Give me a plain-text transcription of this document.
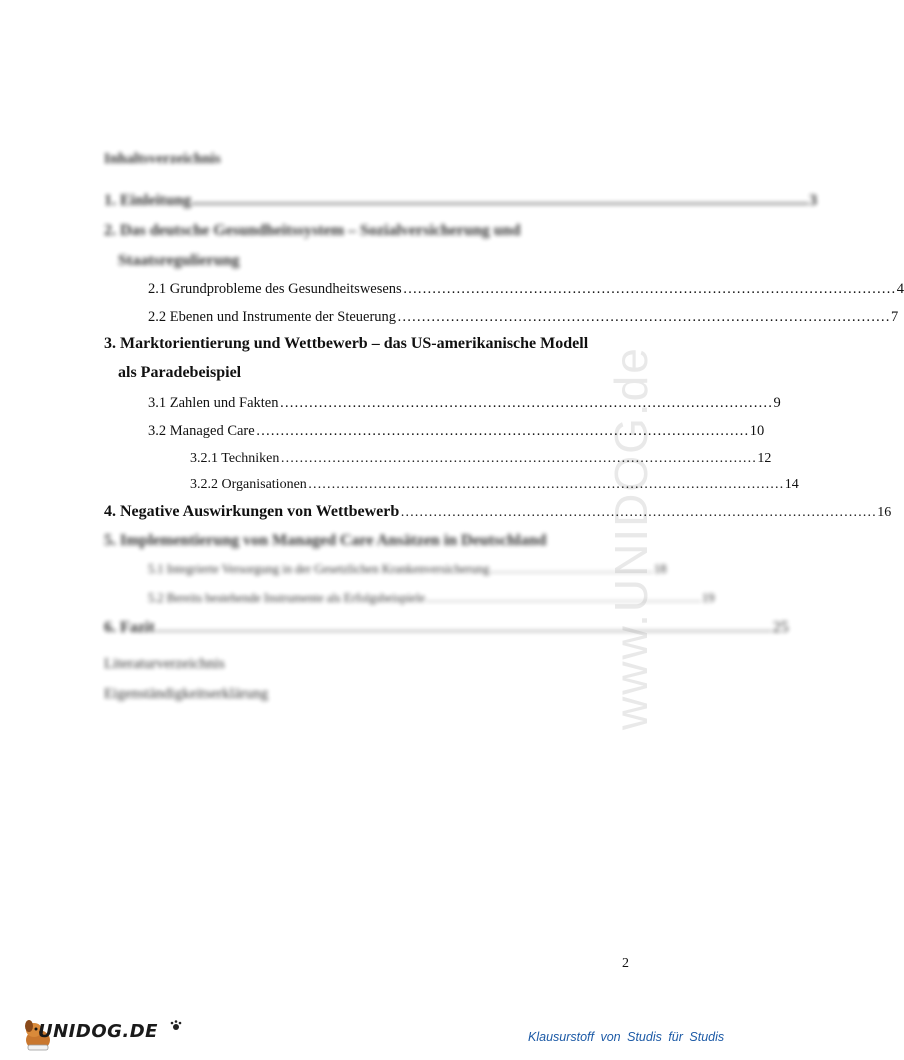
www.UNIDOG.de
Inhaltsverzeichnis
1. Einleitung .......................................................................................................................................................... 3
2. Das deutsche Gesundheitssystem – Sozialversicherung und
Staatsregulierung
2.1 Grundprobleme des Gesundheitswesens ………………………………………………………………………………………… 4
2.2 Ebenen und Instrumente der Steuerung ………………………………………………………………………………………… 7
3. Marktorientierung und Wettbewerb – das US-amerikanische Modell
als Paradebeispiel
3.1 Zahlen und Fakten ………………………………………………………………………………………… 9
3.2 Managed Care ………………………………………………………………………………………… 10
3.2.1 Techniken ………………………………………………………………………………………… 12
3.2.2 Organisationen ………………………………………………………………………………………… 14
4. Negative Auswirkungen von Wettbewerb ………………………………………………………………………………………… 16
5. Implementierung von Managed Care Ansätzen in Deutschland
5.1 Integrierte Versorgung in der Gesetzlichen Krankenversicherung ………………………………… 18
5.2 Bereits bestehende Instrumente als Erfolgsbeispiele ………………………………………………………… 19
6. Fazit .......................................................................................................................................................... 25
Literaturverzeichnis
Eigenständigkeitserklärung
2
UNIDOG.DE	Klausurstoff von Studis für Studis
